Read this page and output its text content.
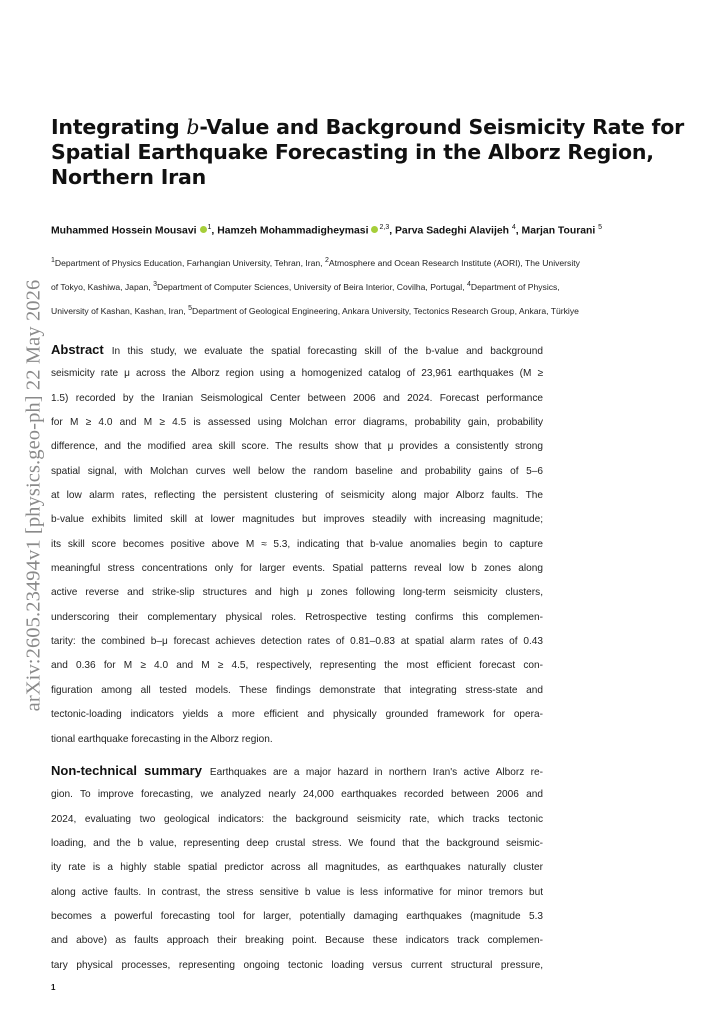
arXiv:2605.23494v1 [physics.geo-ph] 22 May 2026
Integrating b-Value and Background Seismicity Rate for
Spatial Earthquake Forecasting in the Alborz Region,
Northern Iran
Muhammed Hossein Mousavi $^1$, Hamzeh Mohammadigheymasi $^{2,3}$, Parva Sadeghi Alavijeh $^4$, Marjan Tourani $^5$
$^1$Department of Physics Education, Farhangian University, Tehran, Iran, $^2$Atmosphere and Ocean Research Institute (AORI), The University
of Tokyo, Kashiwa, Japan, $^3$Department of Computer Sciences, University of Beira Interior, Covilha, Portugal, $^4$Department of Physics,
University of Kashan, Kashan, Iran, $^5$Department of Geological Engineering, Ankara University, Tectonics Research Group, Ankara, Türkiye
Abstract In this study, we evaluate the spatial forecasting skill of the b-value and background
seismicity rate μ across the Alborz region using a homogenized catalog of 23,961 earthquakes (M ≥
1.5) recorded by the Iranian Seismological Center between 2006 and 2024. Forecast performance
for M ≥ 4.0 and M ≥ 4.5 is assessed using Molchan error diagrams, probability gain, probability
difference, and the modified area skill score. The results show that μ provides a consistently strong
spatial signal, with Molchan curves well below the random baseline and probability gains of 5–6
at low alarm rates, reflecting the persistent clustering of seismicity along major Alborz faults. The
b-value exhibits limited skill at lower magnitudes but improves steadily with increasing magnitude;
its skill score becomes positive above M ≈ 5.3, indicating that b-value anomalies begin to capture
meaningful stress concentrations only for larger events. Spatial patterns reveal low b zones along
active reverse and strike-slip structures and high μ zones following long-term seismicity clusters,
underscoring their complementary physical roles. Retrospective testing confirms this complemen-
tarity: the combined b–μ forecast achieves detection rates of 0.81–0.83 at spatial alarm rates of 0.43
and 0.36 for M ≥ 4.0 and M ≥ 4.5, respectively, representing the most efficient forecast con-
figuration among all tested models. These findings demonstrate that integrating stress-state and
tectonic-loading indicators yields a more efficient and physically grounded framework for opera-
tional earthquake forecasting in the Alborz region.
Non-technical summary Earthquakes are a major hazard in northern Iran's active Alborz re-
gion. To improve forecasting, we analyzed nearly 24,000 earthquakes recorded between 2006 and
2024, evaluating two geological indicators: the background seismicity rate, which tracks tectonic
loading, and the b value, representing deep crustal stress. We found that the background seismic-
ity rate is a highly stable spatial predictor across all magnitudes, as earthquakes naturally cluster
along active faults. In contrast, the stress sensitive b value is less informative for minor tremors but
becomes a powerful forecasting tool for larger, potentially damaging earthquakes (magnitude 5.3
and above) as faults approach their breaking point. Because these indicators track complemen-
tary physical processes, representing ongoing tectonic loading versus current structural pressure,
1
